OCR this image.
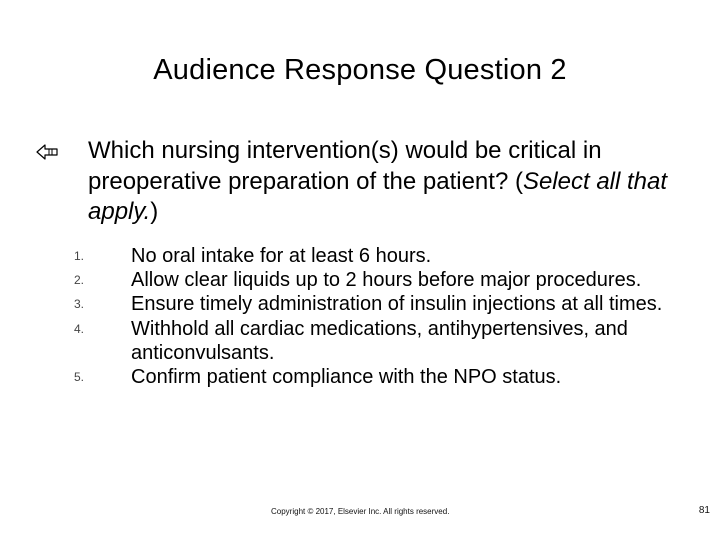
Audience Response Question 2
Which nursing intervention(s) would be critical in preoperative preparation of the patient? (Select all that apply.)
1. No oral intake for at least 6 hours.
2. Allow clear liquids up to 2 hours before major procedures.
3. Ensure timely administration of insulin injections at all times.
4. Withhold all cardiac medications, antihypertensives, and anticonvulsants.
5. Confirm patient compliance with the NPO status.
Copyright © 2017, Elsevier Inc. All rights reserved.	81
